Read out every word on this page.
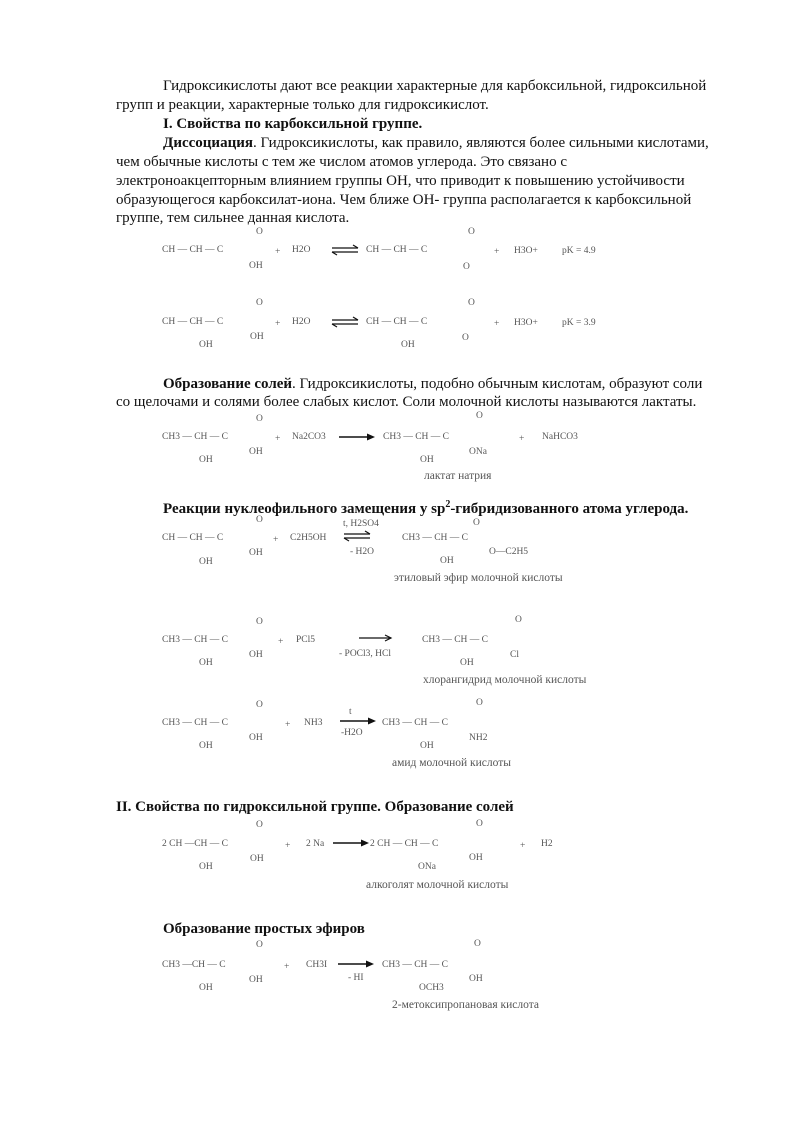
Гидроксикислоты дают все реакции характерные для карбоксильной, гидроксильной
групп и реакции, характерные только для гидроксикислот.
I. Свойства по карбоксильной группе.
Диссоциация. Гидроксикислоты, как правило, являются более сильными кислотами,
чем обычные кислоты с тем же числом атомов углерода. Это связано с
электроноакцепторным влиянием группы ОН, что приводит к повышению устойчивости
образующегося карбоксилат-иона. Чем ближе ОН- группа располагается к карбоксильной
группе, тем сильнее данная кислота.
O
CH — CH — C	+ H2O ⇌ CH — CH — C
O
OH	O
+ H3O+	pK = 4.9
O
CH — CH — C	+ H2O ⇌ CH — CH — C
O
OH	O
+ H3O+	pK = 3.9
OH	OH
Образование солей. Гидроксикислоты, подобно обычным кислотам, образуют соли
со щелочами и солями более слабых кислот. Соли молочной кислоты называются лактаты.
O	O
CH3 — CH — C	+ Na2CO3 → CH3 — CH — C	+ NaHCO3
OH	ONa
OH	OH
лактат натрия
Реакции нуклеофильного замещения у $sp^2$-гибридизованного атома углерода.
O	t, H2SO4	O
CH — CH — C	+ C2H5OH ⇌	CH3 — CH — C
- H2O
OH	O—C2H5
OH	OH
этиловый эфир молочной кислоты
O	O
CH3 — CH — C	+ PCl5	CH3 — CH — C
- POCl3, HCl
OH	Cl
OH	OH
хлорангидрид молочной кислоты
O
t
O
CH3 — CH — C	+ NH3 → CH3 — CH — C
-H2O
OH	NH2
OH	OH
амид молочной кислоты
II. Свойства по гидроксильной группе. Образование солей
O	O
2 CH —CH — C	+ 2 Na → 2 CH — CH — C	+ H2
OH	OH
OH	ONa
алкоголят молочной кислоты
Образование простых эфиров
O	O
CH3 —CH — C	+ CH3I → CH3 — CH — C
- HI
OH	OH
OH	OCH3
2-метоксипропановая кислота
